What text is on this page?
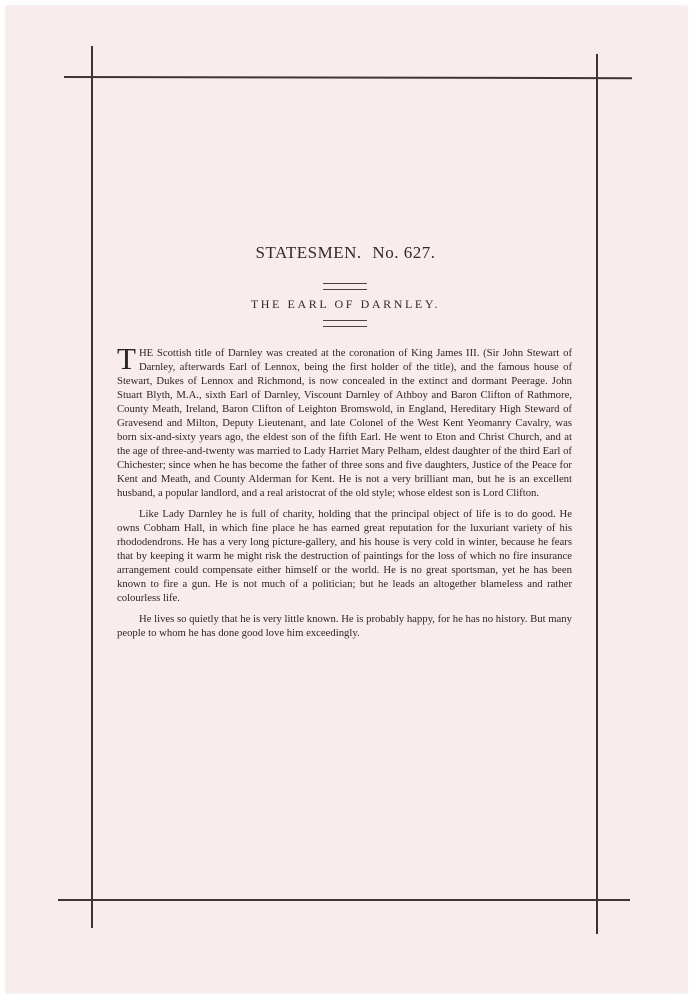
STATESMEN. No. 627.
THE EARL OF DARNLEY.

THE Scottish title of Darnley was created at the coronation of King James III. (Sir John Stewart of Darnley, afterwards Earl of Lennox, being the first holder of the title), and the famous house of Stewart, Dukes of Lennox and Richmond, is now concealed in the extinct and dormant Peerage. John Stuart Blyth, M.A., sixth Earl of Darnley, Viscount Darnley of Athboy and Baron Clifton of Rathmore, County Meath, Ireland, Baron Clifton of Leighton Bromswold, in England, Hereditary High Steward of Gravesend and Milton, Deputy Lieutenant, and late Colonel of the West Kent Yeomanry Cavalry, was born six-and-sixty years ago, the eldest son of the fifth Earl. He went to Eton and Christ Church, and at the age of three-and-twenty was married to Lady Harriet Mary Pelham, eldest daughter of the third Earl of Chichester; since when he has become the father of three sons and five daughters, Justice of the Peace for Kent and Meath, and County Alderman for Kent. He is not a very brilliant man, but he is an excellent husband, a popular landlord, and a real aristocrat of the old style; whose eldest son is Lord Clifton.

Like Lady Darnley he is full of charity, holding that the principal object of life is to do good. He owns Cobham Hall, in which fine place he has earned great reputation for the luxuriant variety of his rhododendrons. He has a very long picture-gallery, and his house is very cold in winter, because he fears that by keeping it warm he might risk the destruction of paintings for the loss of which no fire insurance arrangement could compensate either himself or the world. He is no great sportsman, yet he has been known to fire a gun. He is not much of a politician; but he leads an altogether blameless and rather colourless life.

He lives so quietly that he is very little known. He is probably happy, for he has no history. But many people to whom he has done good love him exceedingly.
